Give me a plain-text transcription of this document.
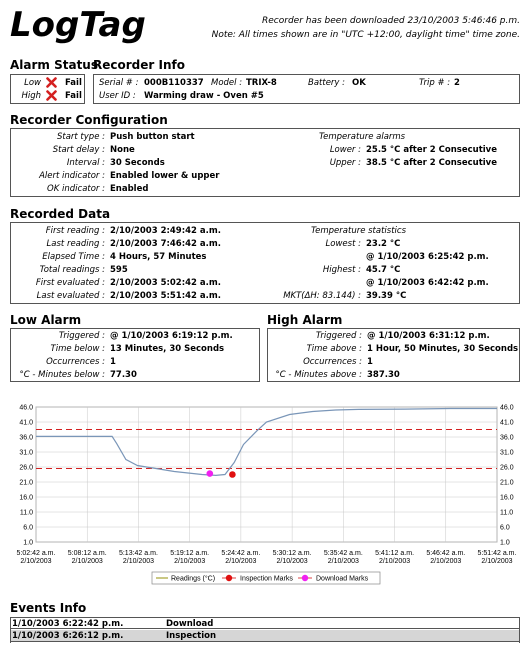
LogTag	Recorder has been downloaded 23/10/2003 5:46:46 p.m.
Note: All times shown are in "UTC +12:00, daylight time" time zone.
Alarm Status
Low	Fail
High	Fail
Recorder Info
Serial # : 000B110337 Model : TRIX-8	Battery : OK	Trip # : 2
User ID : Warming draw - Oven #5
Recorder Configuration
Start type : Push button start
Start delay : None
Interval : 30 Seconds
Alert indicator : Enabled lower & upper
OK indicator : Enabled
Temperature alarms
Lower : 25.5 °C after 2 Consecutive
Upper : 38.5 °C after 2 Consecutive
Recorded Data
First reading : 2/10/2003 2:49:42 a.m.
Last reading : 2/10/2003 7:46:42 a.m.
Elapsed Time : 4 Hours, 57 Minutes
Total readings : 595
First evaluated : 2/10/2003 5:02:42 a.m.
Last evaluated : 2/10/2003 5:51:42 a.m.
Temperature statistics
Lowest : 23.2 °C
@ 1/10/2003 6:25:42 p.m.
Highest : 45.7 °C
@ 1/10/2003 6:42:42 p.m.
MKT(ΔH: 83.144) : 39.39 °C
Low Alarm
Triggered : @ 1/10/2003 6:19:12 p.m.
Time below : 13 Minutes, 30 Seconds
Occurrences : 1
°C - Minutes below : 77.30
High Alarm
Triggered : @ 1/10/2003 6:31:12 p.m.
Time above : 1 Hour, 50 Minutes, 30 Seconds
Occurrences : 1
°C - Minutes above : 387.30
46.0	46.0
41.0	41.0
36.0	36.0
31.0	31.0
26.0	26.0
21.0	21.0
16.0	16.0
11.0	11.0
6.0	6.0
1.0	1.0
5:02:42 a.m.
2/10/2003
5:08:12 a.m.
2/10/2003
5:13:42 a.m.
2/10/2003
5:19:12 a.m.
2/10/2003
5:24:42 a.m.
2/10/2003
5:30:12 a.m.
2/10/2003
5:35:42 a.m.
2/10/2003
5:41:12 a.m.
2/10/2003
5:46:42 a.m.
2/10/2003
5:51:42 a.m.
2/10/2003
Readings (°C)	Inspection Marks	Download Marks
Events Info
1/10/2003 6:22:42 p.m.	Download
1/10/2003 6:26:12 p.m.	Inspection
